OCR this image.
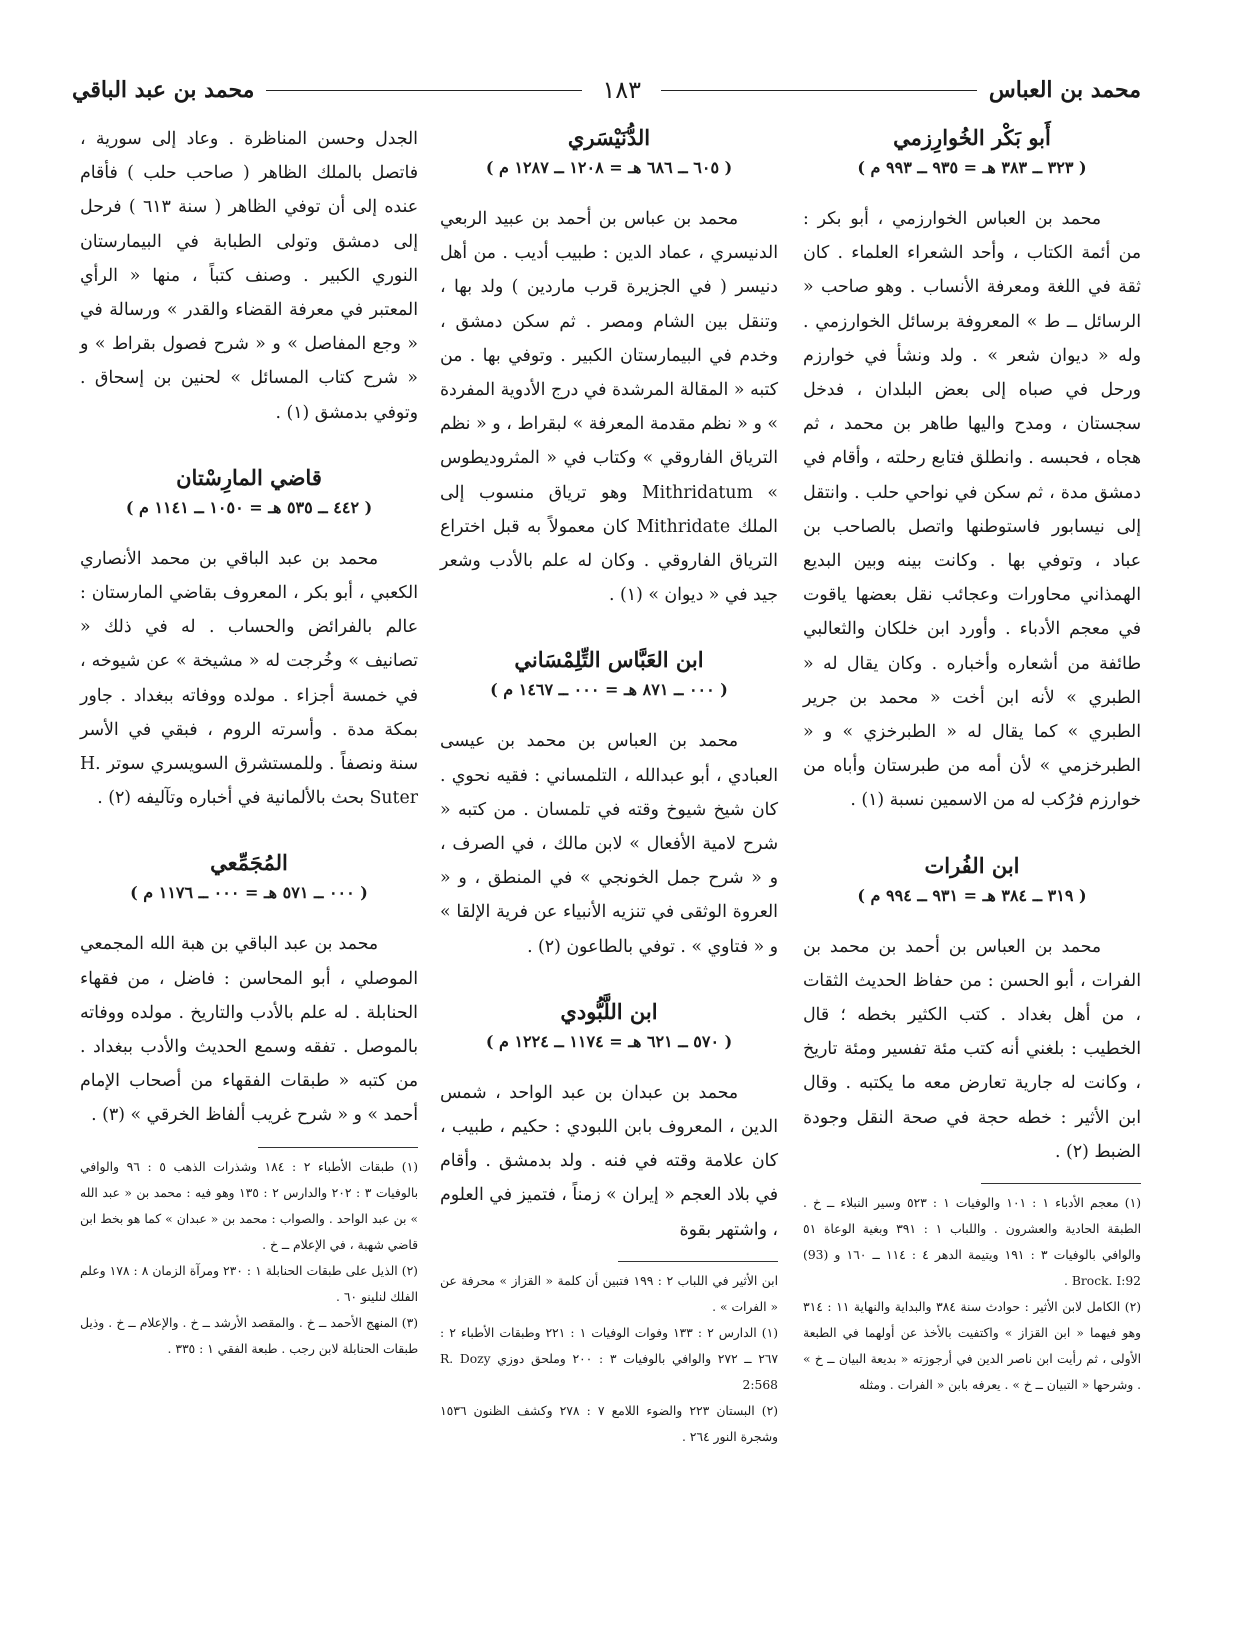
محمد بن العباس
١٨٣
محمد بن عبد الباقي
أَبو بَكْر الخُوارِزمي
( ٣٢٣ ــ ٣٨٣ هـ = ٩٣٥ ــ ٩٩٣ م )

محمد بن العباس الخوارزمي ، أبو بكر : من أئمة الكتاب ، وأحد الشعراء العلماء . كان ثقة في اللغة ومعرفة الأنساب . وهو صاحب « الرسائل ــ ط » المعروفة برسائل الخوارزمي . وله « ديوان شعر » . ولد ونشأ في خوارزم ورحل في صباه إلى بعض البلدان ، فدخل سجستان ، ومدح واليها طاهر بن محمد ، ثم هجاه ، فحبسه . وانطلق فتابع رحلته ، وأقام في دمشق مدة ، ثم سكن في نواحي حلب . وانتقل إلى نيسابور فاستوطنها واتصل بالصاحب بن عباد ، وتوفي بها . وكانت بينه وبين البديع الهمذاني محاورات وعجائب نقل بعضها ياقوت في معجم الأدباء . وأورد ابن خلكان والثعالبي طائفة من أشعاره وأخباره . وكان يقال له « الطبري » لأنه ابن أخت « محمد بن جرير الطبري » كما يقال له « الطبرخزي » و « الطبرخزمي » لأن أمه من طبرستان وأباه من خوارزم فرُكب له من الاسمين نسبة (١) .

ابن الفُرات
( ٣١٩ ــ ٣٨٤ هـ = ٩٣١ ــ ٩٩٤ م )

محمد بن العباس بن أحمد بن محمد بن الفرات ، أبو الحسن : من حفاظ الحديث الثقات ، من أهل بغداد . كتب الكثير بخطه ؛ قال الخطيب : بلغني أنه كتب مئة تفسير ومئة تاريخ ، وكانت له جارية تعارض معه ما يكتبه . وقال ابن الأثير : خطه حجة في صحة النقل وجودة الضبط (٢) .

(١) معجم الأدباء ١ : ١٠١ والوفيات ١ : ٥٢٣ وسير النبلاء ــ خ . الطبقة الحادية والعشرون . واللباب ١ : ٣٩١ وبغية الوعاة ٥١ والوافي بالوفيات ٣ : ١٩١ ويتيمة الدهر ٤ : ١١٤ ــ ١٦٠ و (93) Brock. I:92 .

(٢) الكامل لابن الأثير : حوادث سنة ٣٨٤ والبداية والنهاية ١١ : ٣١٤ وهو فيهما « ابن القزاز » واكتفيت بالأخذ عن أولهما في الطبعة الأولى ، ثم رأيت ابن ناصر الدين في أرجوزته « بديعة البيان ــ خ » . وشرحها « التبيان ــ خ » . يعرفه بابن « الفرات . ومثله

الدُّنَيْسَري
( ٦٠٥ ــ ٦٨٦ هـ = ١٢٠٨ ــ ١٢٨٧ م )

محمد بن عباس بن أحمد بن عبيد الربعي الدنيسري ، عماد الدين : طبيب أديب . من أهل دنيسر ( في الجزيرة قرب ماردين ) ولد بها ، وتنقل بين الشام ومصر . ثم سكن دمشق ، وخدم في البيمارستان الكبير . وتوفي بها . من كتبه « المقالة المرشدة في درج الأدوية المفردة » و « نظم مقدمة المعرفة » لبقراط ، و « نظم الترياق الفاروقي » وكتاب في « المثروديطوس » Mithridatum وهو ترياق منسوب إلى الملك Mithridate كان معمولاً به قبل اختراع الترياق الفاروقي . وكان له علم بالأدب وشعر جيد في « ديوان » (١) .

ابن العَبَّاس التِّلِمْسَاني
( ٠٠٠ ــ ٨٧١ هـ = ٠٠٠ ــ ١٤٦٧ م )

محمد بن العباس بن محمد بن عيسى العبادي ، أبو عبدالله ، التلمساني : فقيه نحوي . كان شيخ شيوخ وقته في تلمسان . من كتبه « شرح لامية الأفعال » لابن مالك ، في الصرف ، و « شرح جمل الخونجي » في المنطق ، و « العروة الوثقى في تنزيه الأنبياء عن فرية الإلقا » و « فتاوي » . توفي بالطاعون (٢) .

ابن اللَّبُّودي
( ٥٧٠ ــ ٦٢١ هـ = ١١٧٤ ــ ١٢٢٤ م )

محمد بن عبدان بن عبد الواحد ، شمس الدين ، المعروف بابن اللبودي : حكيم ، طبيب ، كان علامة وقته في فنه . ولد بدمشق . وأقام في بلاد العجم « إيران » زمناً ، فتميز في العلوم ، واشتهر بقوة

ابن الأثير في اللباب ٢ : ١٩٩ فتبين أن كلمة « القزاز » محرفة عن « الفرات » .

(١) الدارس ٢ : ١٣٣ وفوات الوفيات ١ : ٢٢١ وطبقات الأطباء ٢ : ٢٦٧ ــ ٢٧٢ والوافي بالوفيات ٣ : ٢٠٠ وملحق دوزي R. Dozy 2:568

(٢) البستان ٢٢٣ والضوء اللامع ٧ : ٢٧٨ وكشف الظنون ١٥٣٦ وشجرة النور ٢٦٤ .

الجدل وحسن المناظرة . وعاد إلى سورية ، فاتصل بالملك الظاهر ( صاحب حلب ) فأقام عنده إلى أن توفي الظاهر ( سنة ٦١٣ ) فرحل إلى دمشق وتولى الطبابة في البيمارستان النوري الكبير . وصنف كتباً ، منها « الرأي المعتبر في معرفة القضاء والقدر » ورسالة في « وجع المفاصل » و « شرح فصول بقراط » و « شرح كتاب المسائل » لحنين بن إسحاق . وتوفي بدمشق (١) .

قاضي المارِسْتان
( ٤٤٢ ــ ٥٣٥ هـ = ١٠٥٠ ــ ١١٤١ م )

محمد بن عبد الباقي بن محمد الأنصاري الكعبي ، أبو بكر ، المعروف بقاضي المارستان : عالم بالفرائض والحساب . له في ذلك « تصانيف » وخُرجت له « مشيخة » عن شيوخه ، في خمسة أجزاء . مولده ووفاته ببغداد . جاور بمكة مدة . وأسرته الروم ، فبقي في الأسر سنة ونصفاً . وللمستشرق السويسري سوتر H. Suter بحث بالألمانية في أخباره وتآليفه (٢) .

المُجَمِّعي
( ٠٠٠ ــ ٥٧١ هـ = ٠٠٠ ــ ١١٧٦ م )

محمد بن عبد الباقي بن هبة الله المجمعي الموصلي ، أبو المحاسن : فاضل ، من فقهاء الحنابلة . له علم بالأدب والتاريخ . مولده ووفاته بالموصل . تفقه وسمع الحديث والأدب ببغداد . من كتبه « طبقات الفقهاء من أصحاب الإمام أحمد » و « شرح غريب ألفاظ الخرقي » (٣) .

(١) طبقات الأطباء ٢ : ١٨٤ وشذرات الذهب ٥ : ٩٦ والوافي بالوفيات ٣ : ٢٠٢ والدارس ٢ : ١٣٥ وهو فيه : محمد بن « عبد الله » بن عبد الواحد . والصواب : محمد بن « عبدان » كما هو بخط ابن قاضي شهبة ، في الإعلام ــ خ .

(٢) الذيل على طبقات الحنابلة ١ : ٢٣٠ ومرآة الزمان ٨ : ١٧٨ وعلم الفلك لنلينو ٦٠ .

(٣) المنهج الأحمد ــ خ . والمقصد الأرشد ــ خ . والإعلام ــ خ . وذيل طبقات الحنابلة لابن رجب . طبعة الفقي ١ : ٣٣٥ .
